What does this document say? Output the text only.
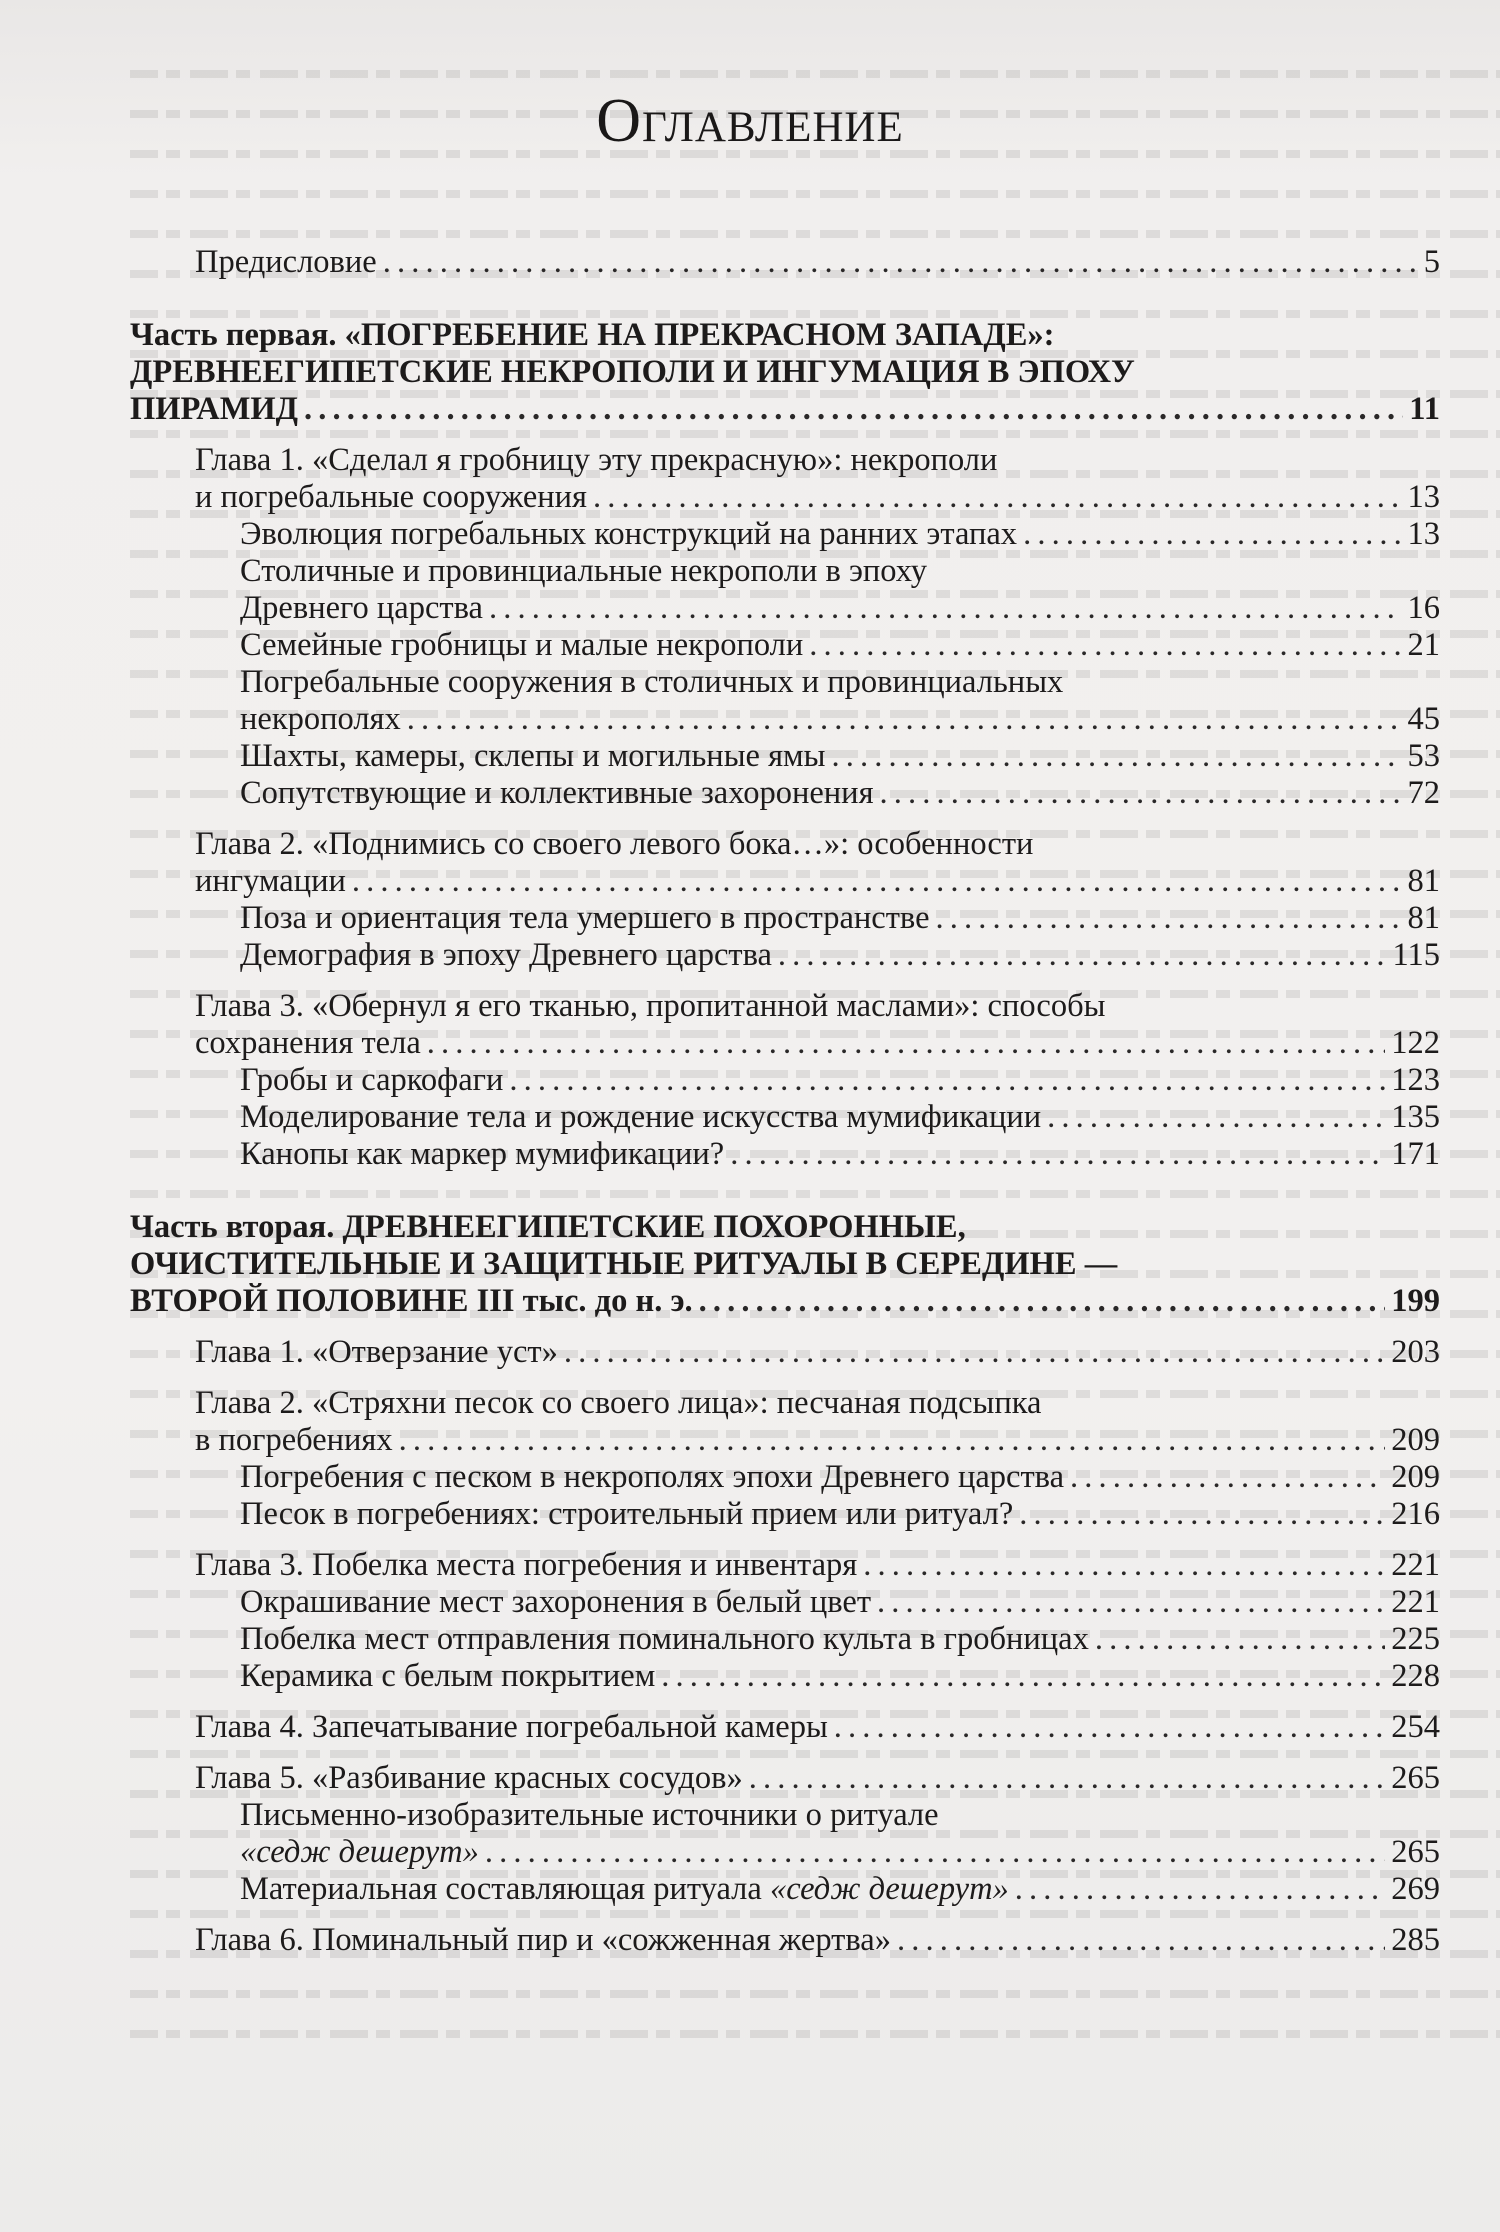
Оглавление
Предисловие . . .	5
Часть первая. «ПОГРЕБЕНИЕ НА ПРЕКРАСНОМ ЗАПАДЕ»:
ДРЕВНЕЕГИПЕТСКИЕ НЕКРОПОЛИ И ИНГУМАЦИЯ В ЭПОХУ
ПИРАМИД . . .	11
Глава 1. «Сделал я гробницу эту прекрасную»: некрополи
и погребальные сооружения . . .	13
Эволюция погребальных конструкций на ранних этапах . . .	13
Столичные и провинциальные некрополи в эпоху
Древнего царства . . .	16
Семейные гробницы и малые некрополи . . .	21
Погребальные сооружения в столичных и провинциальных
некрополях . . .	45
Шахты, камеры, склепы и могильные ямы . . .	53
Сопутствующие и коллективные захоронения . . .	72
Глава 2. «Поднимись со своего левого бока…»: особенности
ингумации . . .	81
Поза и ориентация тела умершего в пространстве . . .	81
Демография в эпоху Древнего царства . . .	115
Глава 3. «Обернул я его тканью, пропитанной маслами»: способы
сохранения тела . . .	122
Гробы и саркофаги . . .	123
Моделирование тела и рождение искусства мумификации . . .	135
Канопы как маркер мумификации? . . .	171
Часть вторая. ДРЕВНЕЕГИПЕТСКИЕ ПОХОРОННЫЕ,
ОЧИСТИТЕЛЬНЫЕ И ЗАЩИТНЫЕ РИТУАЛЫ В СЕРЕДИНЕ —
ВТОРОЙ ПОЛОВИНЕ III тыс. до н. э. . . .	199
Глава 1. «Отверзание уст» . . .	203
Глава 2. «Стряхни песок со своего лица»: песчаная подсыпка
в погребениях . . .	209
Погребения с песком в некрополях эпохи Древнего царства . . .	209
Песок в погребениях: строительный прием или ритуал? . . .	216
Глава 3. Побелка места погребения и инвентаря . . .	221
Окрашивание мест захоронения в белый цвет . . .	221
Побелка мест отправления поминального культа в гробницах . . .	225
Керамика с белым покрытием . . .	228
Глава 4. Запечатывание погребальной камеры . . .	254
Глава 5. «Разбивание красных сосудов» . . .	265
Письменно-изобразительные источники о ритуале
«седж дешерут» . . .	265
Материальная составляющая ритуала «седж дешерут» . . .	269
Глава 6. Поминальный пир и «сожженная жертва» . . .	285
